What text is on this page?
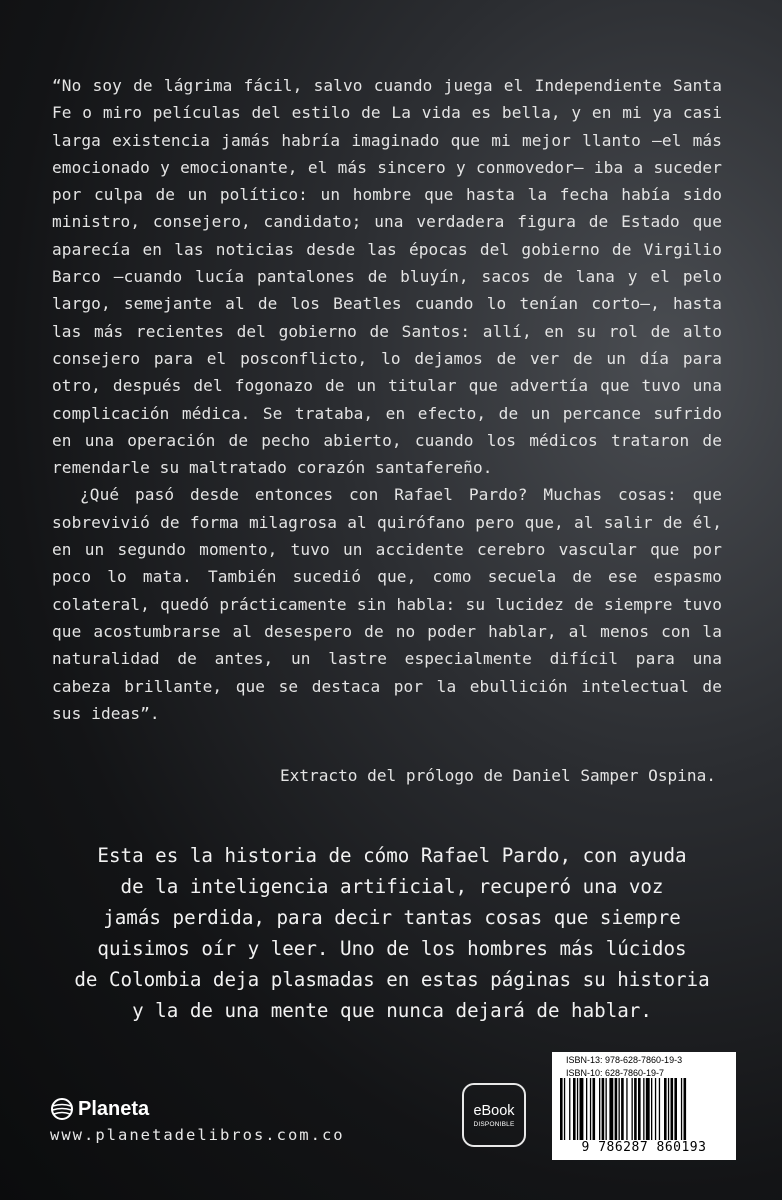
“No soy de lágrima fácil, salvo cuando juega el Independiente Santa Fe o miro películas del estilo de La vida es bella, y en mi ya casi larga existencia jamás habría imaginado que mi mejor llanto —el más emocionado y emocionante, el más sincero y conmovedor— iba a suceder por culpa de un político: un hombre que hasta la fecha había sido ministro, consejero, candidato; una verdadera figura de Estado que aparecía en las noticias desde las épocas del gobierno de Virgilio Barco —cuando lucía pantalones de bluyín, sacos de lana y el pelo largo, semejante al de los Beatles cuando lo tenían corto—, hasta las más recientes del gobierno de Santos: allí, en su rol de alto consejero para el posconflicto, lo dejamos de ver de un día para otro, después del fogonazo de un titular que advertía que tuvo una complicación médica. Se trataba, en efecto, de un percance sufrido en una operación de pecho abierto, cuando los médicos trataron de remendarle su maltratado corazón santafereño.

¿Qué pasó desde entonces con Rafael Pardo? Muchas cosas: que sobrevivió de forma milagrosa al quirófano pero que, al salir de él, en un segundo momento, tuvo un accidente cerebro vascular que por poco lo mata. También sucedió que, como secuela de ese espasmo colateral, quedó prácticamente sin habla: su lucidez de siempre tuvo que acostumbrarse al desespero de no poder hablar, al menos con la naturalidad de antes, un lastre especialmente difícil para una cabeza brillante, que se destaca por la ebullición intelectual de sus ideas”.

Extracto del prólogo de Daniel Samper Ospina.
Esta es la historia de cómo Rafael Pardo, con ayuda
de la inteligencia artificial, recuperó una voz
jamás perdida, para decir tantas cosas que siempre
quisimos oír y leer. Uno de los hombres más lúcidos
de Colombia deja plasmadas en estas páginas su historia
y la de una mente que nunca dejará de hablar.
Planeta
www.planetadelibros.com.co
eBook
DISPONIBLE
ISBN-13: 978-628-7860-19-3
ISBN-10: 628-7860-19-7
9 786287 860193
